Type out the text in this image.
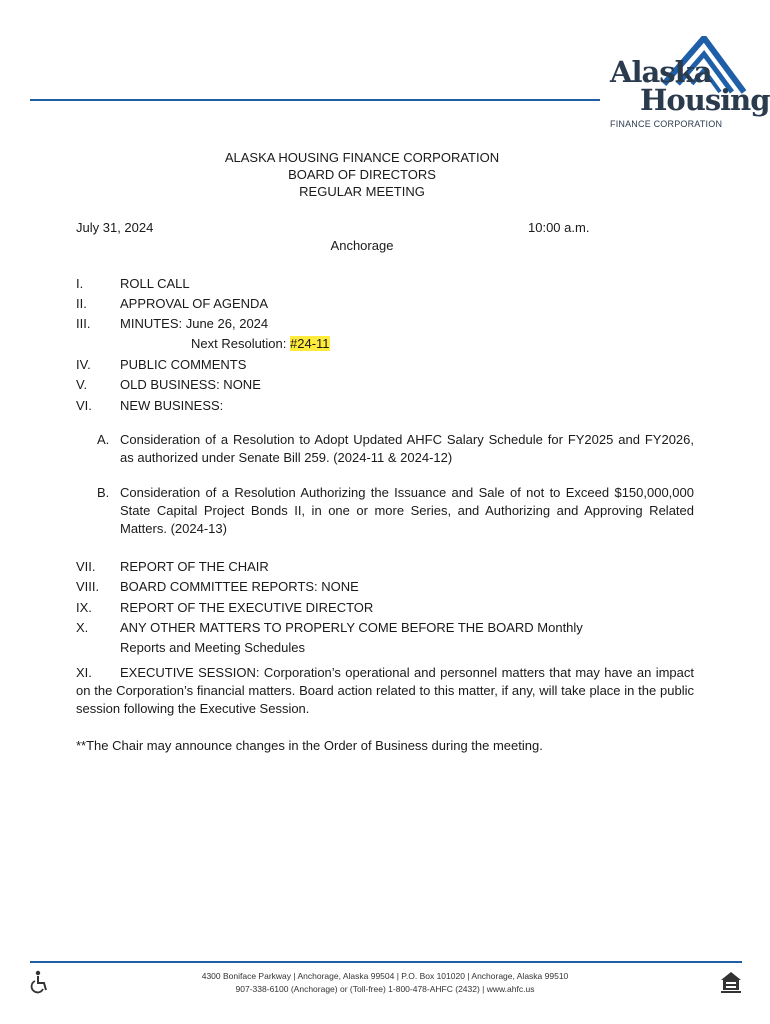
Alaska
Housing
FINANCE CORPORATION
ALASKA HOUSING FINANCE CORPORATION
BOARD OF DIRECTORS
REGULAR MEETING
July 31, 2024	10:00 a.m.
Anchorage
I.	ROLL CALL
II.	APPROVAL OF AGENDA
III. MINUTES: June 26, 2024
Next Resolution: #24-11
IV. PUBLIC COMMENTS
V.	OLD BUSINESS: NONE
VI. NEW BUSINESS:
A. Consideration of a Resolution to Adopt Updated AHFC Salary Schedule for FY2025 and FY2026, as authorized under Senate Bill 259. (2024-11 & 2024-12)
B. Consideration of a Resolution Authorizing the Issuance and Sale of not to Exceed $150,000,000 State Capital Project Bonds II, in one or more Series, and Authorizing and Approving Related Matters. (2024-13)
VII. REPORT OF THE CHAIR
VIII. BOARD COMMITTEE REPORTS: NONE
IX. REPORT OF THE EXECUTIVE DIRECTOR
X. ANY OTHER MATTERS TO PROPERLY COME BEFORE THE BOARD Monthly
Reports and Meeting Schedules
XI.	EXECUTIVE SESSION: Corporation’s operational and personnel matters that may have an impact on the Corporation’s financial matters. Board action related to this matter, if any, will take place in the public session following the Executive Session.
**The Chair may announce changes in the Order of Business during the meeting.
4300 Boniface Parkway | Anchorage, Alaska 99504 | P.O. Box 101020 | Anchorage, Alaska 99510
907-338-6100 (Anchorage) or (Toll-free) 1-800-478-AHFC (2432) | www.ahfc.us
